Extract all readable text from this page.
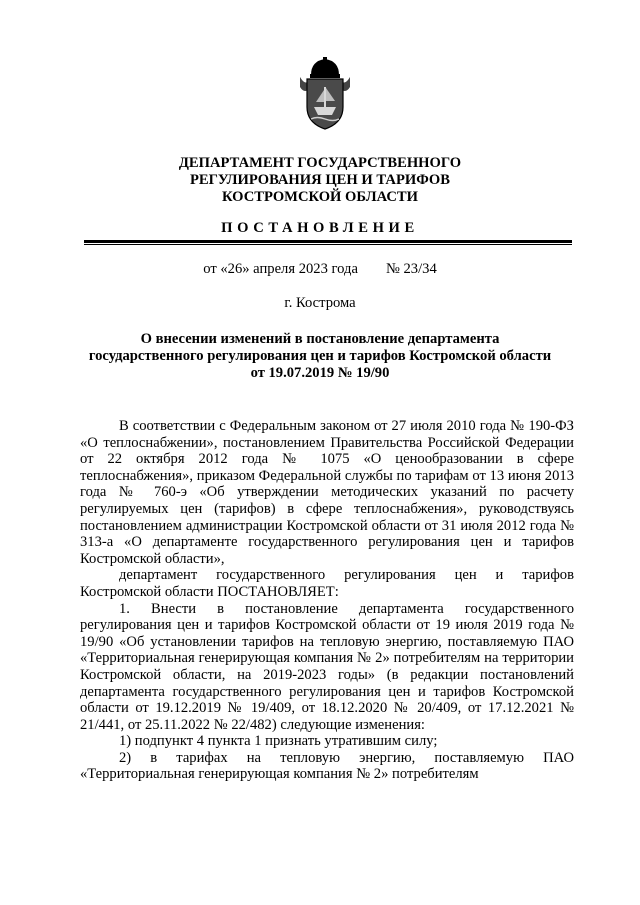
ДЕПАРТАМЕНТ ГОСУДАРСТВЕННОГО
РЕГУЛИРОВАНИЯ ЦЕН И ТАРИФОВ
КОСТРОМСКОЙ ОБЛАСТИ
ПОСТАНОВЛЕНИЕ
от «26» апреля 2023 года № 23/34
г. Кострома
О внесении изменений в постановление департамента
государственного регулирования цен и тарифов Костромской области
от 19.07.2019 № 19/90

В соответствии с Федеральным законом от 27 июля 2010 года № 190-ФЗ «О теплоснабжении», постановлением Правительства Российской Федерации от 22 октября 2012 года № 1075 «О ценообразовании в сфере теплоснабжения», приказом Федеральной службы по тарифам от 13 июня 2013 года № 760-э «Об утверждении методических указаний по расчету регулируемых цен (тарифов) в сфере теплоснабжения», руководствуясь постановлением администрации Костромской области от 31 июля 2012 года № 313-а «О департаменте государственного регулирования цен и тарифов Костромской области»,

департамент государственного регулирования цен и тарифов Костромской области ПОСТАНОВЛЯЕТ:

1. Внести в постановление департамента государственного регулирования цен и тарифов Костромской области от 19 июля 2019 года № 19/90 «Об установлении тарифов на тепловую энергию, поставляемую ПАО «Территориальная генерирующая компания № 2» потребителям на территории Костромской области, на 2019-2023 годы» (в редакции постановлений департамента государственного регулирования цен и тарифов Костромской области от 19.12.2019 № 19/409, от 18.12.2020 № 20/409, от 17.12.2021 № 21/441, от 25.11.2022 № 22/482) следующие изменения:

1) подпункт 4 пункта 1 признать утратившим силу;

2) в тарифах на тепловую энергию, поставляемую ПАО «Территориальная генерирующая компания № 2» потребителям
